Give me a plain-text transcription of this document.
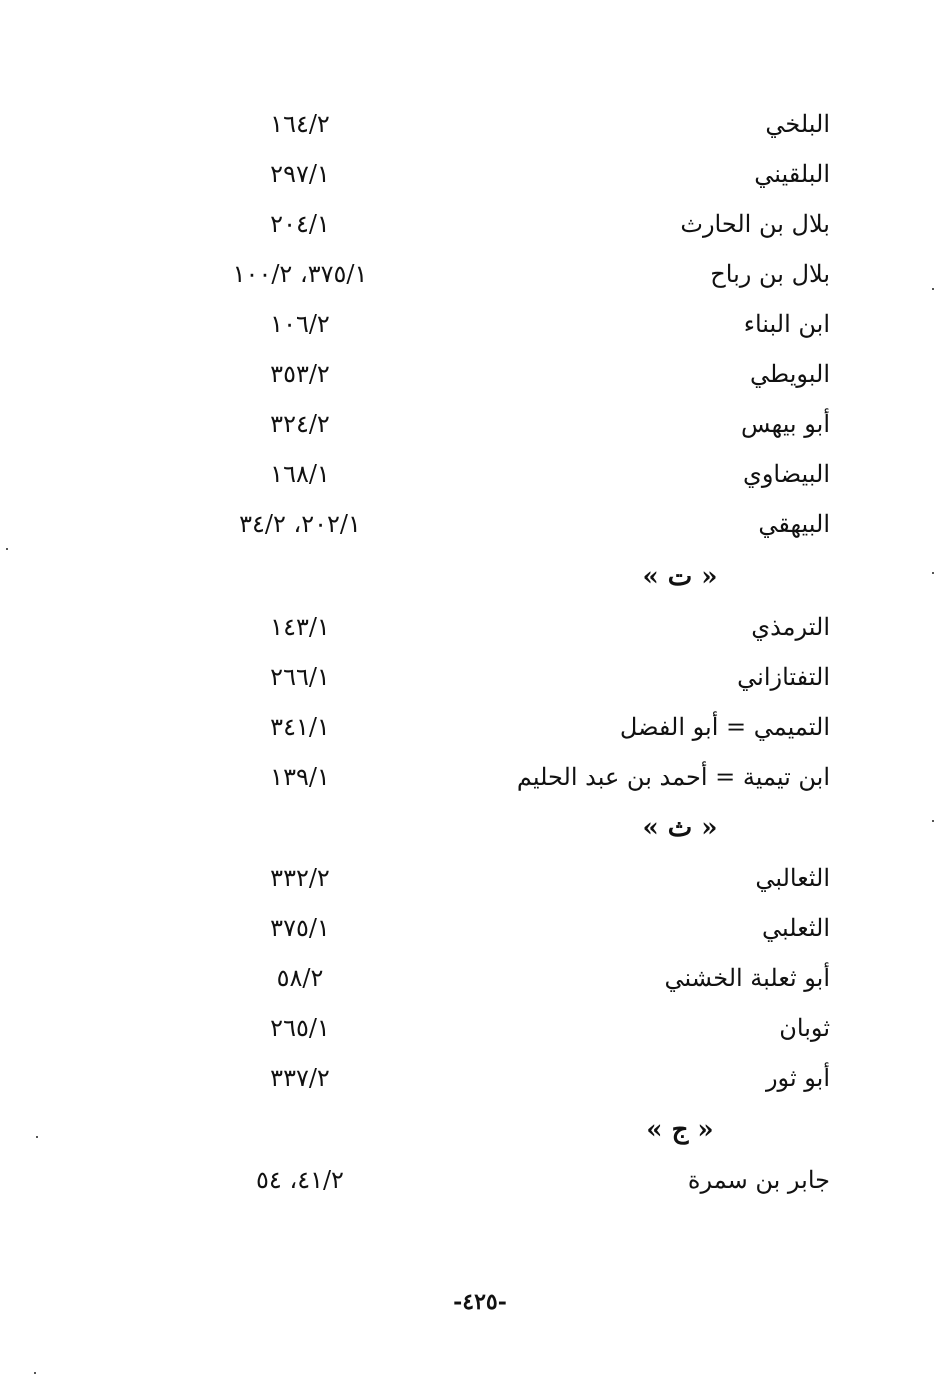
البلخي
١٦٤/٢
البلقيني
٢٩٧/١
بلال بن الحارث
٢٠٤/١
بلال بن رباح
٣٧٥/١، ١٠٠/٢
ابن البناء
١٠٦/٢
البويطي
٣٥٣/٢
أبو بيهس
٣٢٤/٢
البيضاوي
١٦٨/١
البيهقي
٢٠٢/١، ٣٤/٢
« ت »
الترمذي
١٤٣/١
التفتازاني
٢٦٦/١
التميمي = أبو الفضل
٣٤١/١
ابن تيمية = أحمد بن عبد الحليم
١٣٩/١
« ث »
الثعالبي
٣٣٢/٢
الثعلبي
٣٧٥/١
أبو ثعلبة الخشني
٥٨/٢
ثوبان
٢٦٥/١
أبو ثور
٣٣٧/٢
« ج »
جابر بن سمرة
٤١/٢، ٥٤
-٤٢٥-
